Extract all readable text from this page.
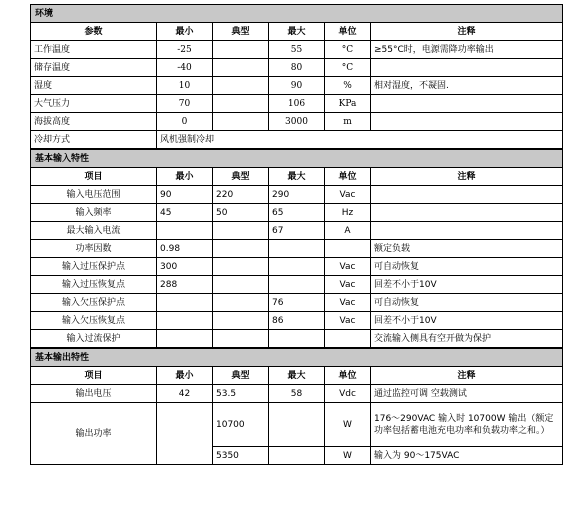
环境					
参数	最小	典型	最大	单位	注释
工作温度	-25		55	°C	≥55°C时，电源需降功率输出
储存温度	-40		80	°C	
湿度	10		90	%	相对湿度，不凝固.
大气压力	70		106	KPa	
海拔高度	0		3000	m	
冷却方式	风机强制冷却				
基本输入特性					
项目	最小	典型	最大	单位	注释
输入电压范围	90	220	290	Vac	
输入频率	45	50	65	Hz	
最大输入电流			67	A	
功率因数	0.98				额定负载
输入过压保护点	300			Vac	可自动恢复
输入过压恢复点	288			Vac	回差不小于10V
输入欠压保护点			76	Vac	可自动恢复
输入欠压恢复点			86	Vac	回差不小于10V
输入过流保护					交流输入侧具有空开做为保护
基本输出特性					
项目	最小	典型	最大	单位	注释
输出电压	42	53.5	58	Vdc	通过监控可调 空载测试
输出功率		10700		W	176～290VAC 输入时 10700W 输出（额定功率包括蓄电池充电功率和负载功率之和。）
		5350		W	输入为 90～175VAC
